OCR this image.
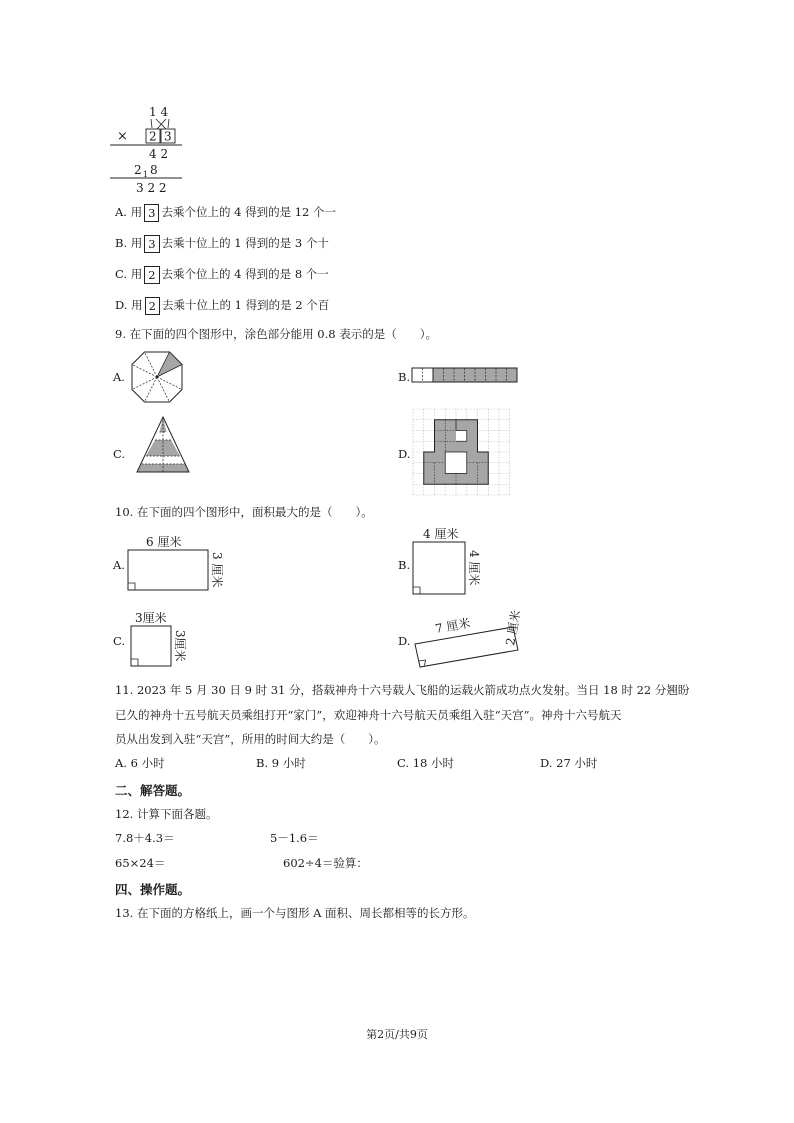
1 4
× 2 3
4 2
2 1 8
3 2 2
A. 用 3 去乘个位上的 4 得到的是 12 个一
B. 用 3 去乘十位上的 1 得到的是 3 个十
C. 用 2 去乘个位上的 4 得到的是 8 个一
D. 用 2 去乘十位上的 1 得到的是 2 个百
9. 在下面的四个图形中，涂色部分能用 0.8 表示的是（　　）。
A.	B.
C.	D.
10. 在下面的四个图形中，面积最大的是（　　）。
A.
6 厘米
3 厘米	B.
4 厘米
4 厘米
C.
3厘米
3厘米	D.
7 厘米	2 厘米
11. 2023 年 5 月 30 日 9 时 31 分，搭载神舟十六号载人飞船的运载火箭成功点火发射。当日 18 时 22 分翘盼
已久的神舟十五号航天员乘组打开“家门”，欢迎神舟十六号航天员乘组入驻“天宫”。神舟十六号航天
员从出发到入驻“天宫”，所用的时间大约是（　　）。
A. 6 小时	B. 9 小时	C. 18 小时	D. 27 小时
二、解答题。
12. 计算下面各题。
7.8＋4.3＝	5－1.6＝
65×24＝	602÷4＝验算：
四、操作题。
13. 在下面的方格纸上，画一个与图形 A 面积、周长都相等的长方形。
第2页/共9页
